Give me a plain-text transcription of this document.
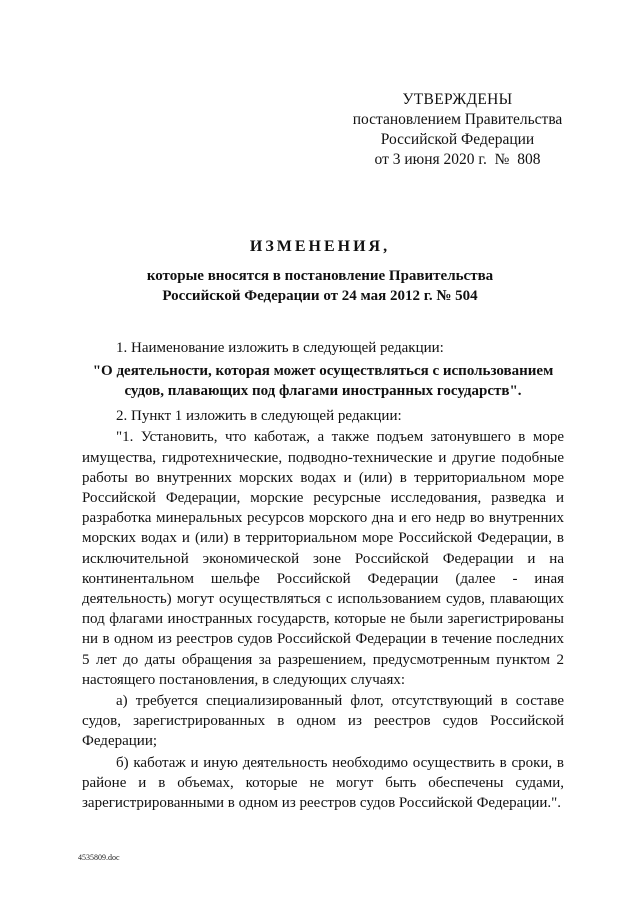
УТВЕРЖДЕНЫ
постановлением Правительства
Российской Федерации
от 3 июня 2020 г.  №  808
ИЗМЕНЕНИЯ,
которые вносятся в постановление Правительства
Российской Федерации от 24 мая 2012 г. № 504

1. Наименование изложить в следующей редакции:

"О деятельности, которая может осуществляться с использованием судов, плавающих под флагами иностранных государств".

2. Пункт 1 изложить в следующей редакции:

"1. Установить, что каботаж, а также подъем затонувшего в море имущества, гидротехнические, подводно-технические и другие подобные работы во внутренних морских водах и (или) в территориальном море Российской Федерации, морские ресурсные исследования, разведка и разработка минеральных ресурсов морского дна и его недр во внутренних морских водах и (или) в территориальном море Российской Федерации, в исключительной экономической зоне Российской Федерации и на континентальном шельфе Российской Федерации (далее - иная деятельность) могут осуществляться с использованием судов, плавающих под флагами иностранных государств, которые не были зарегистрированы ни в одном из реестров судов Российской Федерации в течение последних 5 лет до даты обращения за разрешением, предусмотренным пунктом 2 настоящего постановления, в следующих случаях:

а) требуется специализированный флот, отсутствующий в составе судов, зарегистрированных в одном из реестров судов Российской Федерации;

б) каботаж и иную деятельность необходимо осуществить в сроки, в районе и в объемах, которые не могут быть обеспечены судами, зарегистрированными в одном из реестров судов Российской Федерации.".

4535809.doc
